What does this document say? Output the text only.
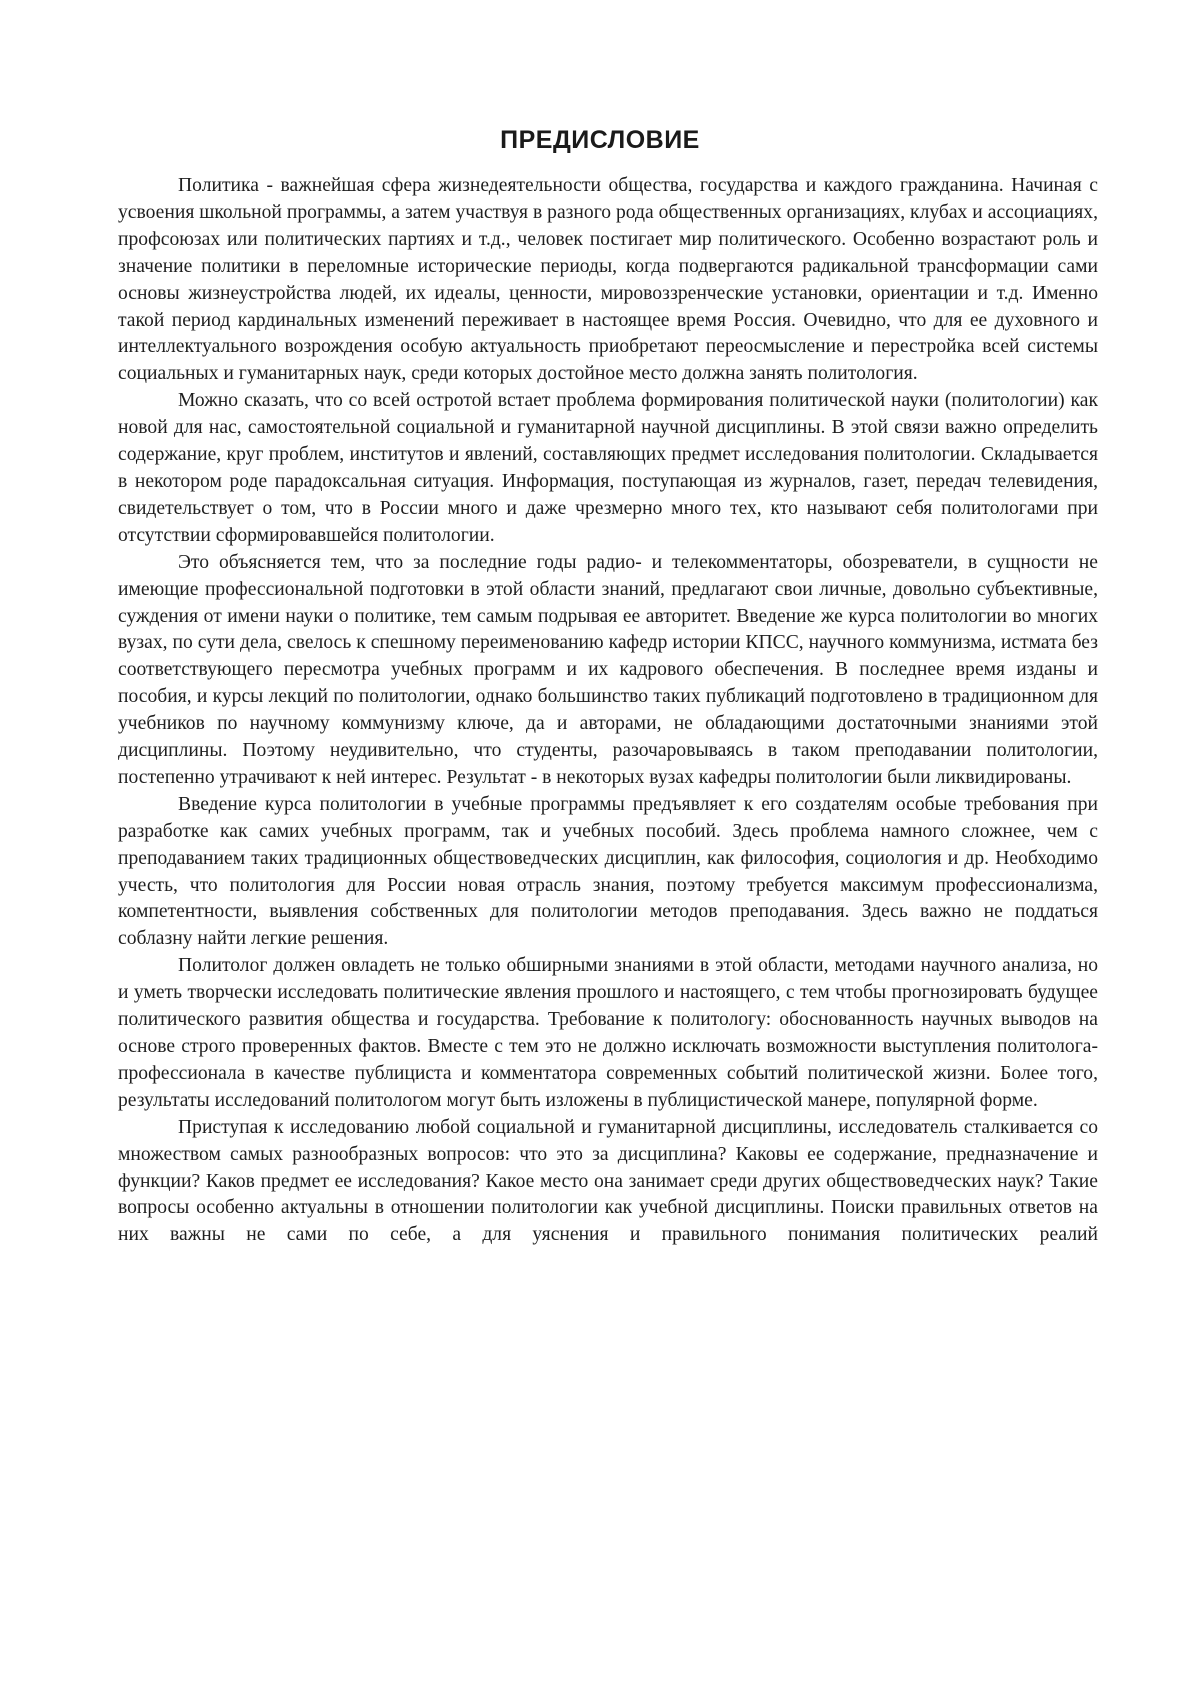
ПРЕДИСЛОВИЕ

Политика - важнейшая сфера жизнедеятельности общества, государства и каждого гражданина. Начиная с усвоения школьной программы, а затем участвуя в разного рода общественных организациях, клубах и ассоциациях, профсоюзах или политических партиях и т.д., человек постигает мир политического. Особенно возрастают роль и значение политики в переломные исторические периоды, когда подвергаются радикальной трансформации сами основы жизнеустройства людей, их идеалы, ценности, мировоззренческие установки, ориентации и т.д. Именно такой период кардинальных изменений переживает в настоящее время Россия. Очевидно, что для ее духовного и интеллектуального возрождения особую актуальность приобретают переосмысление и перестройка всей системы социальных и гуманитарных наук, среди которых достойное место должна занять политология.

Можно сказать, что со всей остротой встает проблема формирования политической науки (политологии) как новой для нас, самостоятельной социальной и гуманитарной научной дисциплины. В этой связи важно определить содержание, круг проблем, институтов и явлений, составляющих предмет исследования политологии. Складывается в некотором роде парадоксальная ситуация. Информация, поступающая из журналов, газет, передач телевидения, свидетельствует о том, что в России много и даже чрезмерно много тех, кто называют себя политологами при отсутствии сформировавшейся политологии.

Это объясняется тем, что за последние годы радио- и телекомментаторы, обозреватели, в сущности не имеющие профессиональной подготовки в этой области знаний, предлагают свои личные, довольно субъективные, суждения от имени науки о политике, тем самым подрывая ее авторитет. Введение же курса политологии во многих вузах, по сути дела, свелось к спешному переименованию кафедр истории КПСС, научного коммунизма, истмата без соответствующего пересмотра учебных программ и их кадрового обеспечения. В последнее время изданы и пособия, и курсы лекций по политологии, однако большинство таких публикаций подготовлено в традиционном для учебников по научному коммунизму ключе, да и авторами, не обладающими достаточными знаниями этой дисциплины. Поэтому неудивительно, что студенты, разочаровываясь в таком преподавании политологии, постепенно утрачивают к ней интерес. Результат - в некоторых вузах кафедры политологии были ликвидированы.

Введение курса политологии в учебные программы предъявляет к его создателям особые требования при разработке как самих учебных программ, так и учебных пособий. Здесь проблема намного сложнее, чем с преподаванием таких традиционных обществоведческих дисциплин, как философия, социология и др. Необходимо учесть, что политология для России новая отрасль знания, поэтому требуется максимум профессионализма, компетентности, выявления собственных для политологии методов преподавания. Здесь важно не поддаться соблазну найти легкие решения.

Политолог должен овладеть не только обширными знаниями в этой области, методами научного анализа, но и уметь творчески исследовать политические явления прошлого и настоящего, с тем чтобы прогнозировать будущее политического развития общества и государства. Требование к политологу: обоснованность научных выводов на основе строго проверенных фактов. Вместе с тем это не должно исключать возможности выступления политолога-профессионала в качестве публициста и комментатора современных событий политической жизни. Более того, результаты исследований политологом могут быть изложены в публицистической манере, популярной форме.

Приступая к исследованию любой социальной и гуманитарной дисциплины, исследователь сталкивается со множеством самых разнообразных вопросов: что это за дисциплина? Каковы ее содержание, предназначение и функции? Каков предмет ее исследования? Какое место она занимает среди других обществоведческих наук? Такие вопросы особенно актуальны в отношении политологии как учебной дисциплины. Поиски правильных ответов на них важны не сами по себе, а для уяснения и правильного понимания политических реалий
